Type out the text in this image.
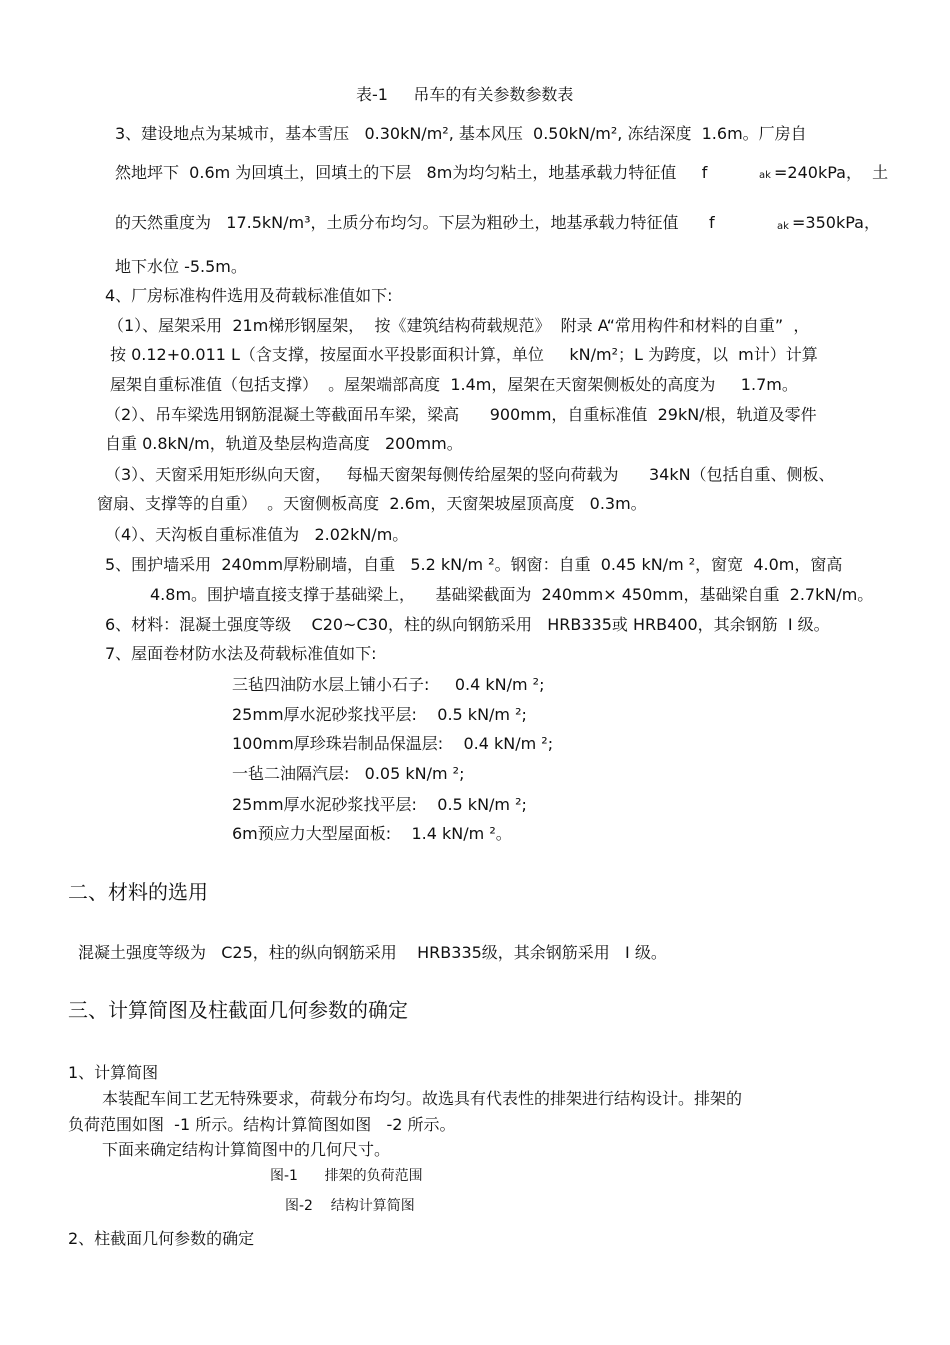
表-1     吊车的有关参数参数表
3、建设地点为某城市，基本雪压   0.30kN/m², 基本风压  0.50kN/m², 冻结深度  1.6m。厂房自
然地坪下  0.6m 为回填土，回填土的下层   8m为均匀粘土，地基承载力特征值     f	ak =240kPa，  土
的天然重度为   17.5kN/m³，土质分布均匀。下层为粗砂土，地基承载力特征值      f	ak =350kPa，
地下水位 -5.5m。
4、厂房标准构件选用及荷载标准值如下:
（1）、屋架采用  21m梯形钢屋架，  按《建筑结构荷载规范》  附录 A“常用构件和材料的自重”  ，
按 0.12+0.011 L（含支撑，按屋面水平投影面积计算，单位     kN/m²；L 为跨度，以  m计）计算
屋架自重标准值（包括支撑）  。屋架端部高度  1.4m，屋架在天窗架侧板处的高度为     1.7m。
（2）、吊车梁选用钢筋混凝土等截面吊车梁，梁高      900mm，自重标准值  29kN/根，轨道及零件
自重 0.8kN/m，轨道及垫层构造高度   200mm。
（3）、天窗采用矩形纵向天窗，   每榀天窗架每侧传给屋架的竖向荷载为      34kN（包括自重、侧板、
窗扇、支撑等的自重）  。天窗侧板高度  2.6m，天窗架坡屋顶高度   0.3m。
（4）、天沟板自重标准值为   2.02kN/m。
5、围护墙采用  240mm厚粉刷墙，自重   5.2 kN/m ²。钢窗：自重  0.45 kN/m ²，窗宽  4.0m，窗高
4.8m。围护墙直接支撑于基础梁上，    基础梁截面为  240mm× 450mm，基础梁自重  2.7kN/m。
6、材料：混凝土强度等级    C20~C30，柱的纵向钢筋采用   HRB335或 HRB400，其余钢筋  Ⅰ 级。
7、屋面卷材防水法及荷载标准值如下:
三毡四油防水层上铺小石子:     0.4 kN/m ²;
25mm厚水泥砂浆找平层:    0.5 kN/m ²;
100mm厚珍珠岩制品保温层:    0.4 kN/m ²;
一毡二油隔汽层:   0.05 kN/m ²;
25mm厚水泥砂浆找平层:    0.5 kN/m ²;
6m预应力大型屋面板:    1.4 kN/m ²。
二、材料的选用
混凝土强度等级为   C25，柱的纵向钢筋采用    HRB335级，其余钢筋采用   Ⅰ 级。
三、计算简图及柱截面几何参数的确定
1、计算简图
本装配车间工艺无特殊要求，荷载分布均匀。故选具有代表性的排架进行结构设计。排架的
负荷范围如图  -1 所示。结构计算简图如图   -2 所示。
下面来确定结构计算简图中的几何尺寸。
图-1      排架的负荷范围
图-2    结构计算简图
2、柱截面几何参数的确定
